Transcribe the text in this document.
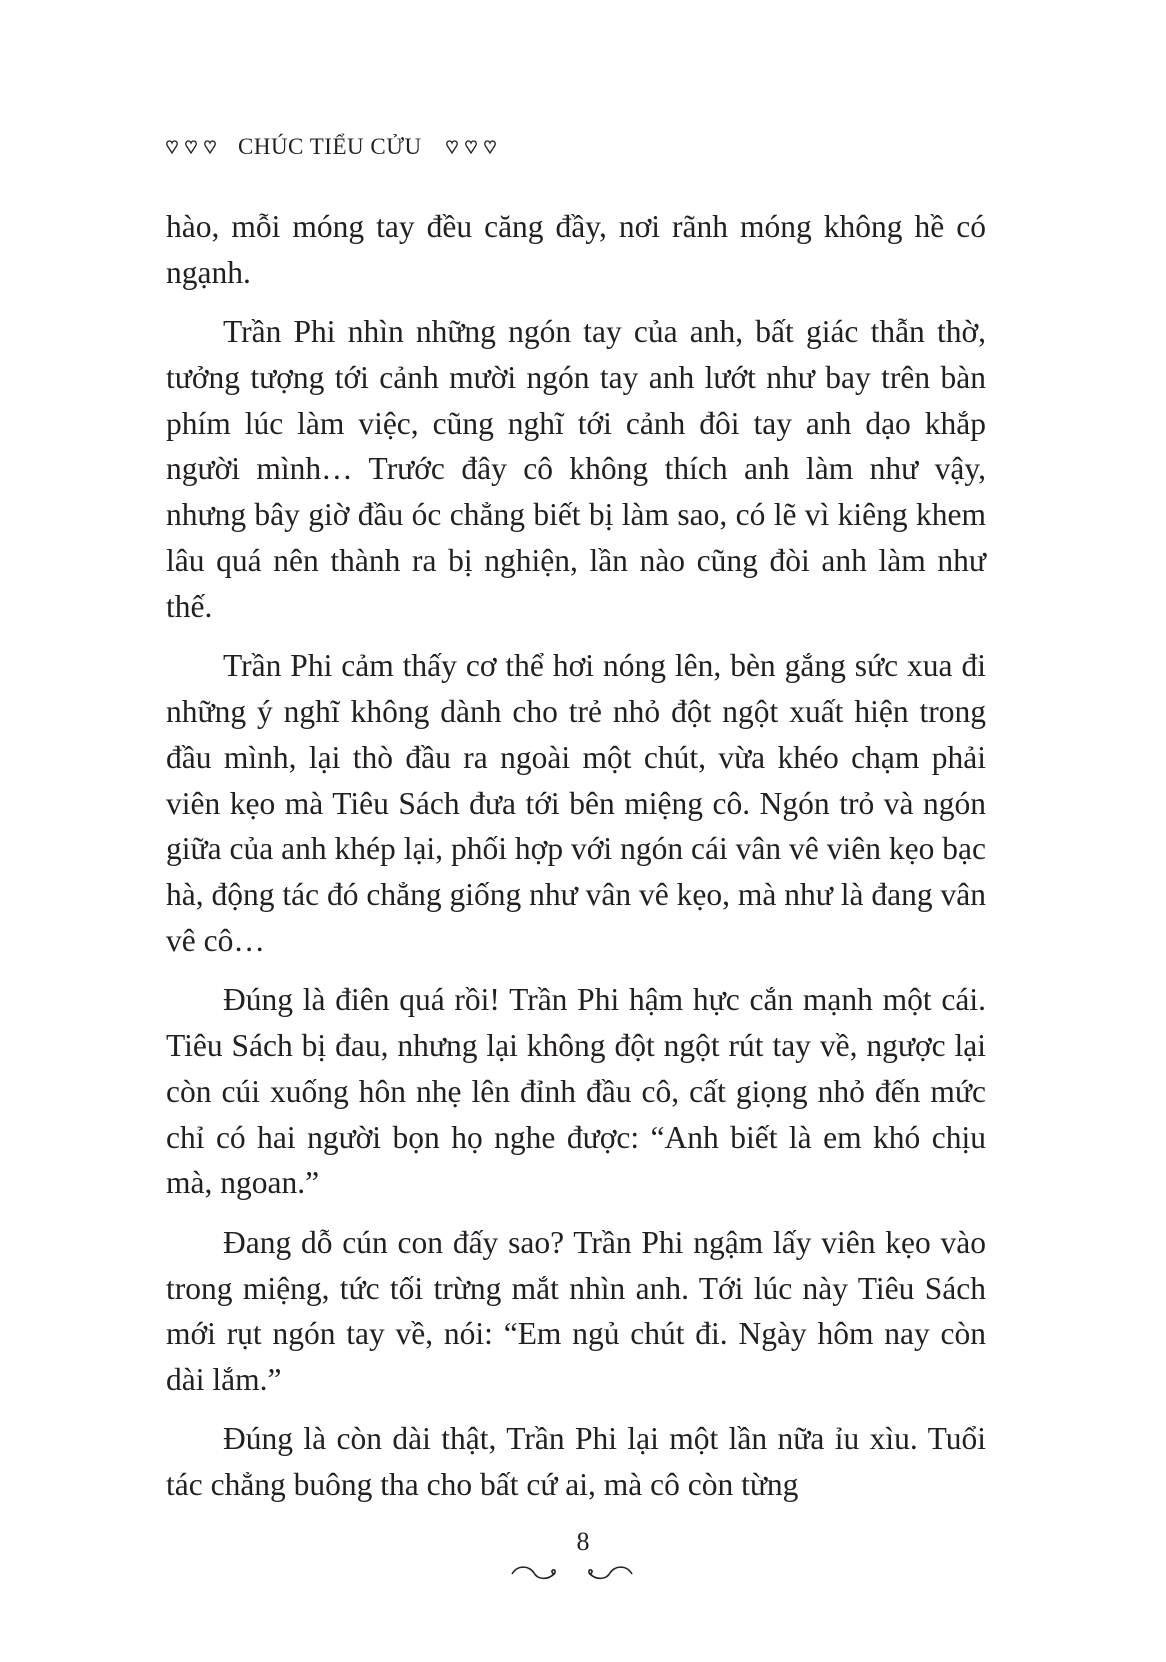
CHÚC TIỂU CỬU

hào, mỗi móng tay đều căng đầy, nơi rãnh móng không hề có ngạnh.

Trần Phi nhìn những ngón tay của anh, bất giác thẫn thờ, tưởng tượng tới cảnh mười ngón tay anh lướt như bay trên bàn phím lúc làm việc, cũng nghĩ tới cảnh đôi tay anh dạo khắp người mình… Trước đây cô không thích anh làm như vậy, nhưng bây giờ đầu óc chẳng biết bị làm sao, có lẽ vì kiêng khem lâu quá nên thành ra bị nghiện, lần nào cũng đòi anh làm như thế.

Trần Phi cảm thấy cơ thể hơi nóng lên, bèn gắng sức xua đi những ý nghĩ không dành cho trẻ nhỏ đột ngột xuất hiện trong đầu mình, lại thò đầu ra ngoài một chút, vừa khéo chạm phải viên kẹo mà Tiêu Sách đưa tới bên miệng cô. Ngón trỏ và ngón giữa của anh khép lại, phối hợp với ngón cái vân vê viên kẹo bạc hà, động tác đó chẳng giống như vân vê kẹo, mà như là đang vân vê cô…

Đúng là điên quá rồi! Trần Phi hậm hực cắn mạnh một cái. Tiêu Sách bị đau, nhưng lại không đột ngột rút tay về, ngược lại còn cúi xuống hôn nhẹ lên đỉnh đầu cô, cất giọng nhỏ đến mức chỉ có hai người bọn họ nghe được: “Anh biết là em khó chịu mà, ngoan.”

Đang dỗ cún con đấy sao? Trần Phi ngậm lấy viên kẹo vào trong miệng, tức tối trừng mắt nhìn anh. Tới lúc này Tiêu Sách mới rụt ngón tay về, nói: “Em ngủ chút đi. Ngày hôm nay còn dài lắm.”

Đúng là còn dài thật, Trần Phi lại một lần nữa ỉu xìu. Tuổi tác chẳng buông tha cho bất cứ ai, mà cô còn từng

8
